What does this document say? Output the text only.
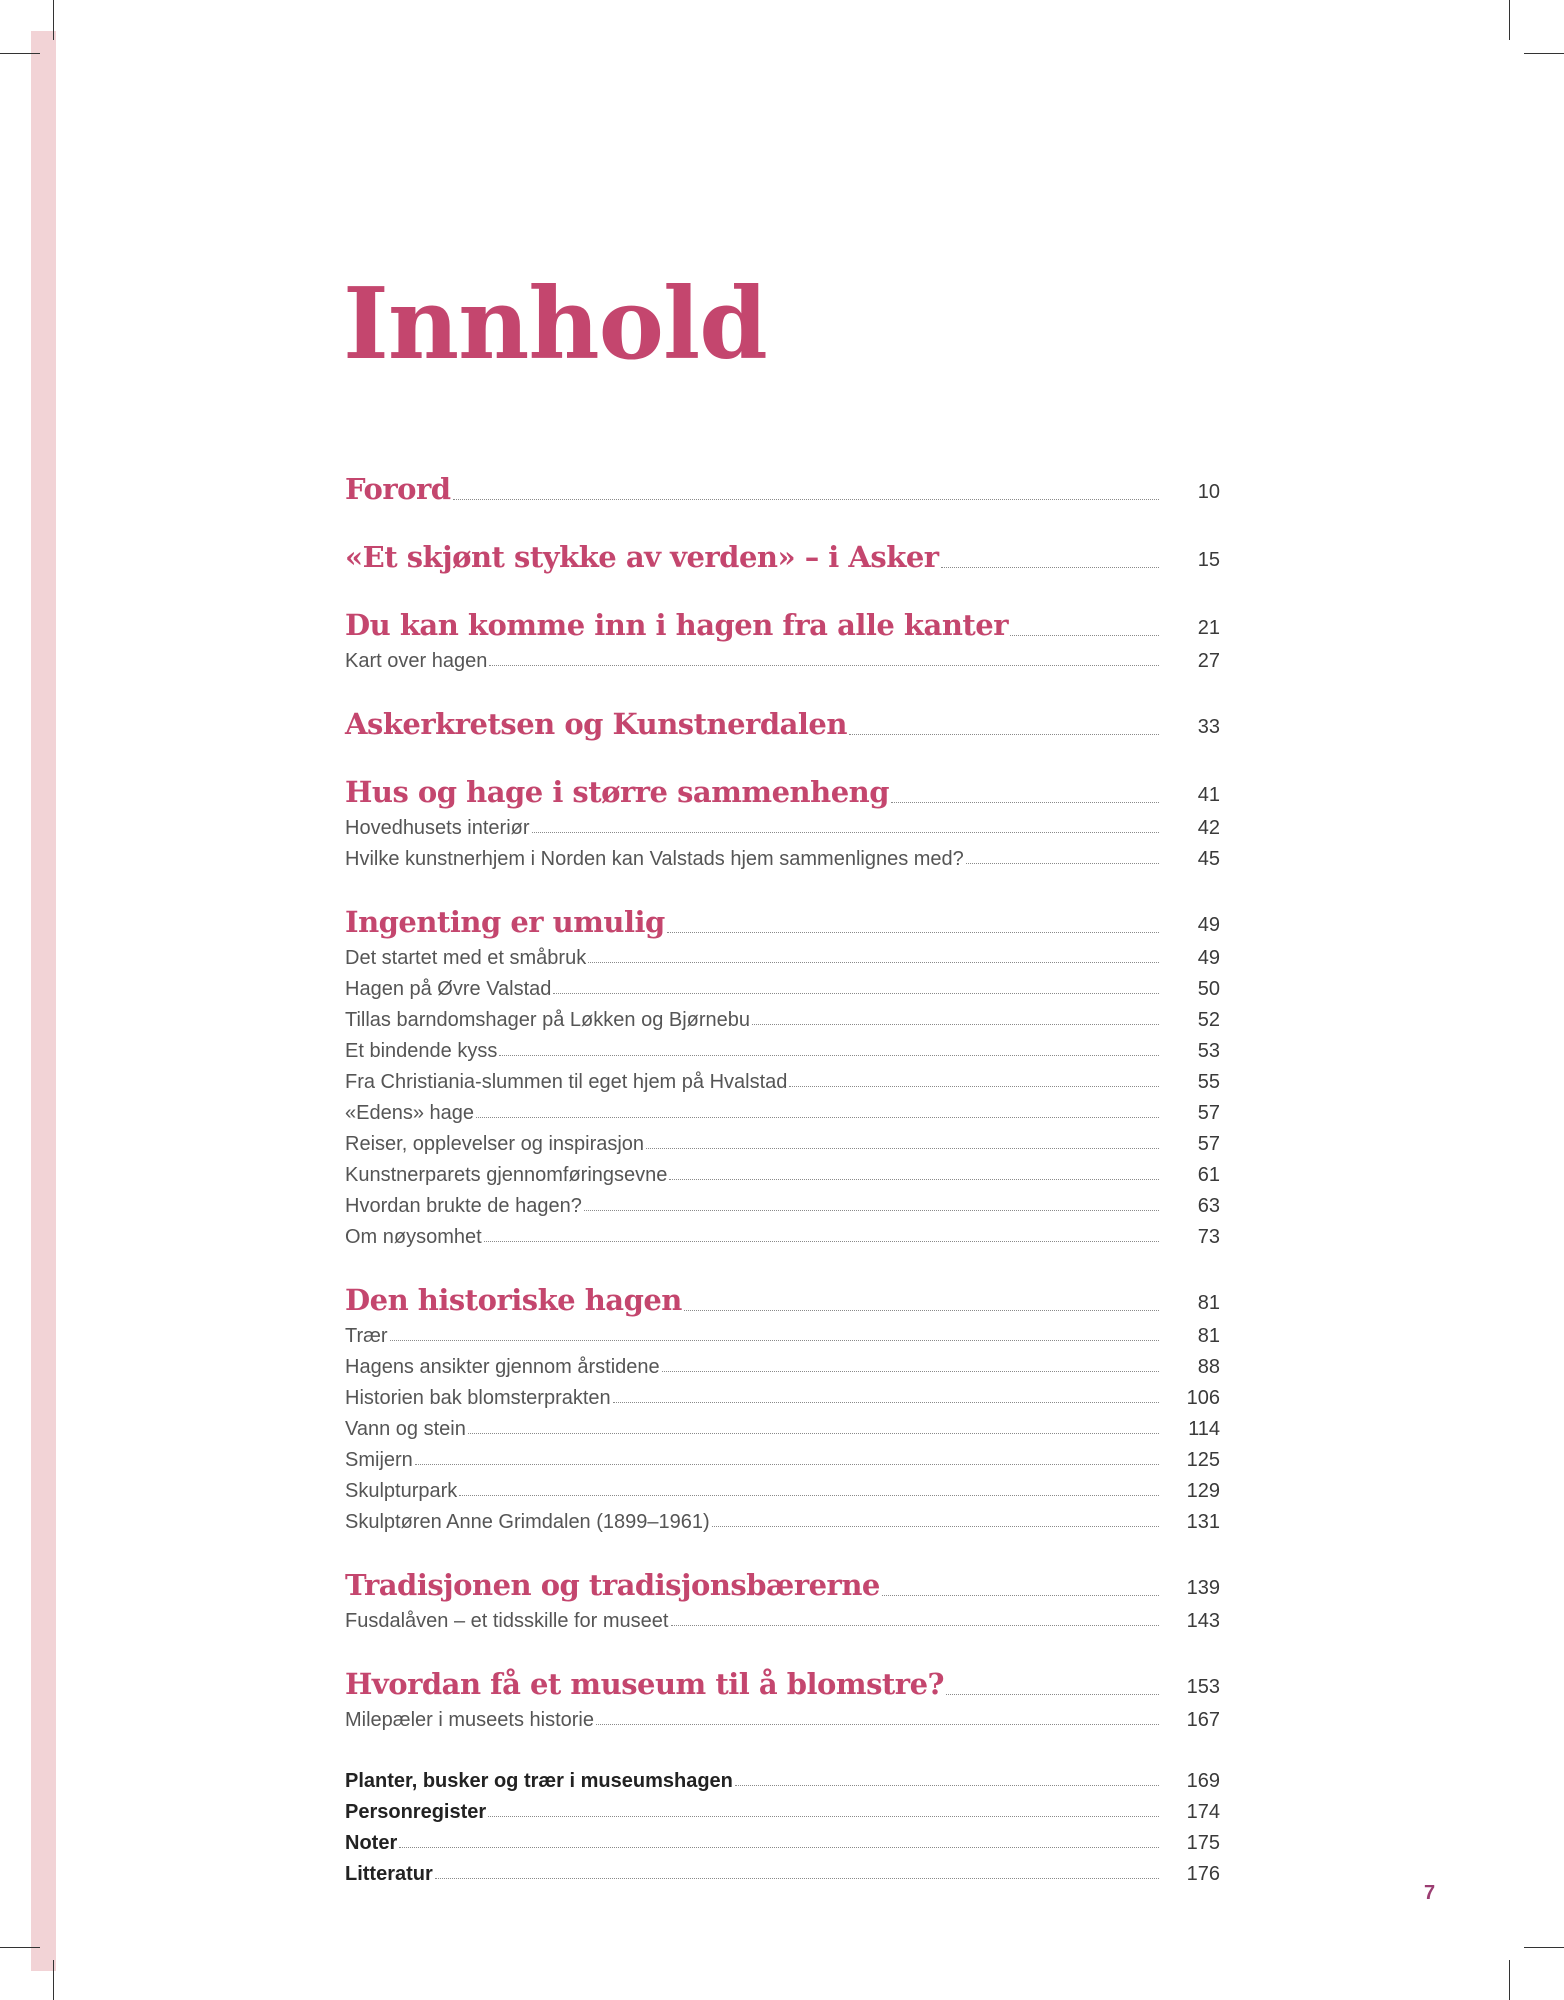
Innhold
Forord	10
«Et skjønt stykke av verden» – i Asker	15
Du kan komme inn i hagen fra alle kanter	21
Kart over hagen	27
Askerkretsen og Kunstnerdalen	33
Hus og hage i større sammenheng	41
Hovedhusets interiør	42
Hvilke kunstnerhjem i Norden kan Valstads hjem sammenlignes med?	45
Ingenting er umulig	49
Det startet med et småbruk	49
Hagen på Øvre Valstad	50
Tillas barndomshager på Løkken og Bjørnebu	52
Et bindende kyss	53
Fra Christiania-slummen til eget hjem på Hvalstad	55
«Edens» hage	57
Reiser, opplevelser og inspirasjon	57
Kunstnerparets gjennomføringsevne	61
Hvordan brukte de hagen?	63
Om nøysomhet	73
Den historiske hagen	81
Trær	81
Hagens ansikter gjennom årstidene	88
Historien bak blomsterprakten	106
Vann og stein	114
Smijern	125
Skulpturpark	129
Skulptøren Anne Grimdalen (1899–1961)	131
Tradisjonen og tradisjonsbærerne	139
Fusdalåven – et tidsskille for museet	143
Hvordan få et museum til å blomstre?	153
Milepæler i museets historie	167
Planter, busker og trær i museumshagen	169
Personregister	174
Noter	175
Litteratur	176
7
